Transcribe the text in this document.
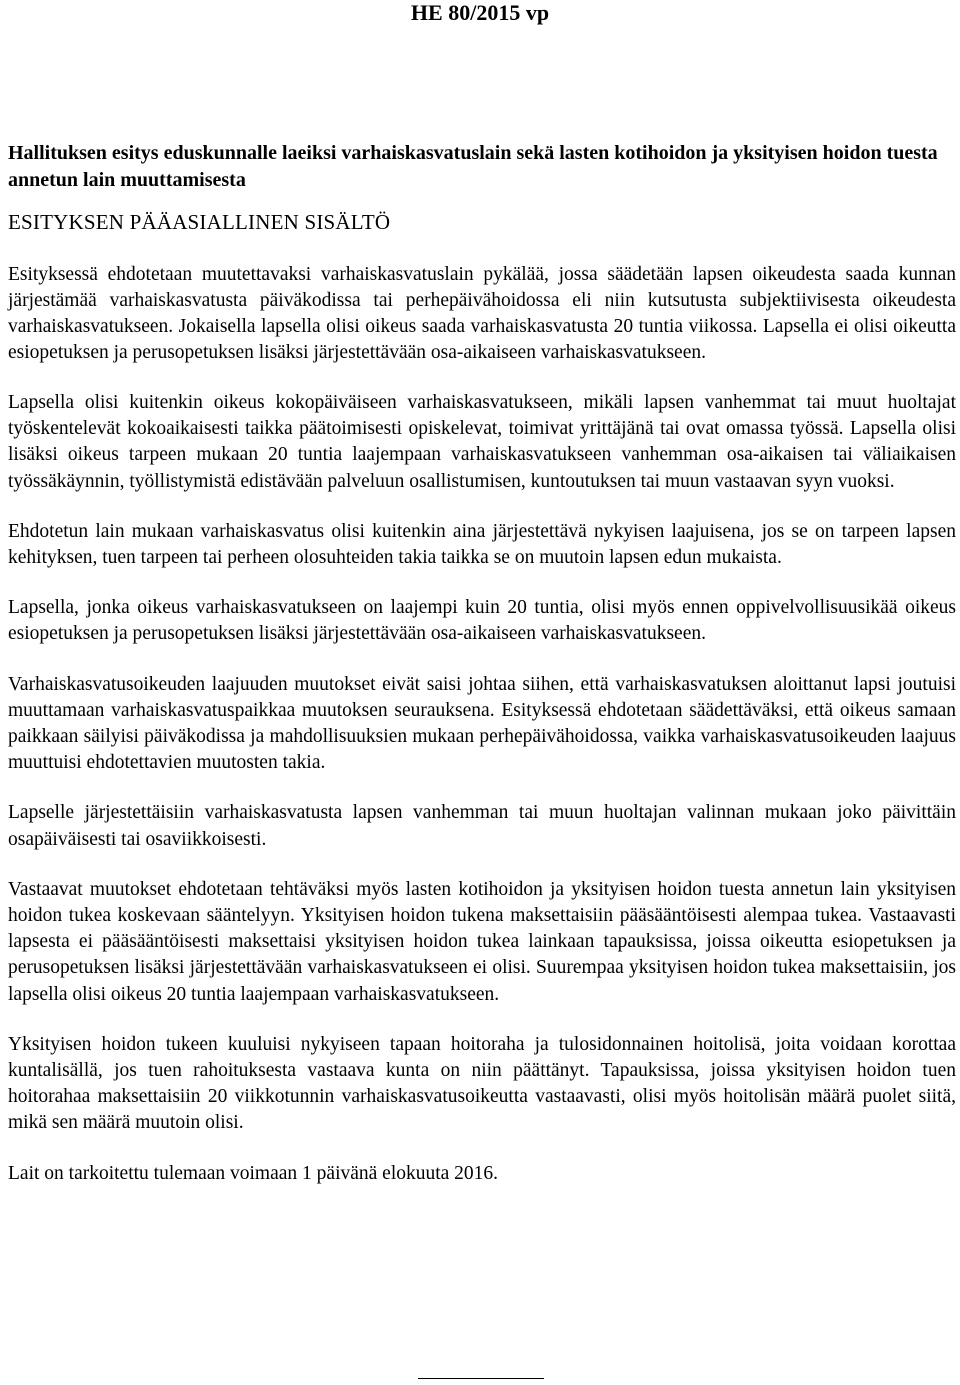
HE 80/2015 vp
Hallituksen esitys eduskunnalle laeiksi varhaiskasvatuslain sekä lasten kotihoidon ja yksityisen hoidon tuesta annetun lain muuttamisesta
ESITYKSEN PÄÄASIALLINEN SISÄLTÖ

Esityksessä ehdotetaan muutettavaksi varhaiskasvatuslain pykälää, jossa säädetään lapsen oikeudesta saada kunnan järjestämää varhaiskasvatusta päiväkodissa tai perhepäivähoidossa eli niin kutsutusta subjektiivisesta oikeudesta varhaiskasvatukseen. Jokaisella lapsella olisi oikeus saada varhaiskasvatusta 20 tuntia viikossa. Lapsella ei olisi oikeutta esiopetuksen ja perusopetuksen lisäksi järjestettävään osa-aikaiseen varhaiskasvatukseen.

Lapsella olisi kuitenkin oikeus kokopäiväiseen varhaiskasvatukseen, mikäli lapsen vanhemmat tai muut huoltajat työskentelevät kokoaikaisesti taikka päätoimisesti opiskelevat, toimivat yrittäjänä tai ovat omassa työssä. Lapsella olisi lisäksi oikeus tarpeen mukaan 20 tuntia laajempaan varhaiskasvatukseen vanhemman osa-aikaisen tai väliaikaisen työssäkäynnin, työllistymistä edistävään palveluun osallistumisen, kuntoutuksen tai muun vastaavan syyn vuoksi.

Ehdotetun lain mukaan varhaiskasvatus olisi kuitenkin aina järjestettävä nykyisen laajuisena, jos se on tarpeen lapsen kehityksen, tuen tarpeen tai perheen olosuhteiden takia taikka se on muutoin lapsen edun mukaista.

Lapsella, jonka oikeus varhaiskasvatukseen on laajempi kuin 20 tuntia, olisi myös ennen oppivelvollisuusikää oikeus esiopetuksen ja perusopetuksen lisäksi järjestettävään osa-aikaiseen varhaiskasvatukseen.

Varhaiskasvatusoikeuden laajuuden muutokset eivät saisi johtaa siihen, että varhaiskasvatuksen aloittanut lapsi joutuisi muuttamaan varhaiskasvatuspaikkaa muutoksen seurauksena. Esityksessä ehdotetaan säädettäväksi, että oikeus samaan paikkaan säilyisi päiväkodissa ja mahdollisuuksien mukaan perhepäivähoidossa, vaikka varhaiskasvatusoikeuden laajuus muuttuisi ehdotettavien muutosten takia.

Lapselle järjestettäisiin varhaiskasvatusta lapsen vanhemman tai muun huoltajan valinnan mukaan joko päivittäin osapäiväisesti tai osaviikkoisesti.

Vastaavat muutokset ehdotetaan tehtäväksi myös lasten kotihoidon ja yksityisen hoidon tuesta annetun lain yksityisen hoidon tukea koskevaan sääntelyyn. Yksityisen hoidon tukena maksettaisiin pääsääntöisesti alempaa tukea. Vastaavasti lapsesta ei pääsääntöisesti maksettaisi yksityisen hoidon tukea lainkaan tapauksissa, joissa oikeutta esiopetuksen ja perusopetuksen lisäksi järjestettävään varhaiskasvatukseen ei olisi. Suurempaa yksityisen hoidon tukea maksettaisiin, jos lapsella olisi oikeus 20 tuntia laajempaan varhaiskasvatukseen.

Yksityisen hoidon tukeen kuuluisi nykyiseen tapaan hoitoraha ja tulosidonnainen hoitolisä, joita voidaan korottaa kuntalisällä, jos tuen rahoituksesta vastaava kunta on niin päättänyt. Tapauksissa, joissa yksityisen hoidon tuen hoitorahaa maksettaisiin 20 viikkotunnin varhaiskasvatusoikeutta vastaavasti, olisi myös hoitolisän määrä puolet siitä, mikä sen määrä muutoin olisi.

Lait on tarkoitettu tulemaan voimaan 1 päivänä elokuuta 2016.
